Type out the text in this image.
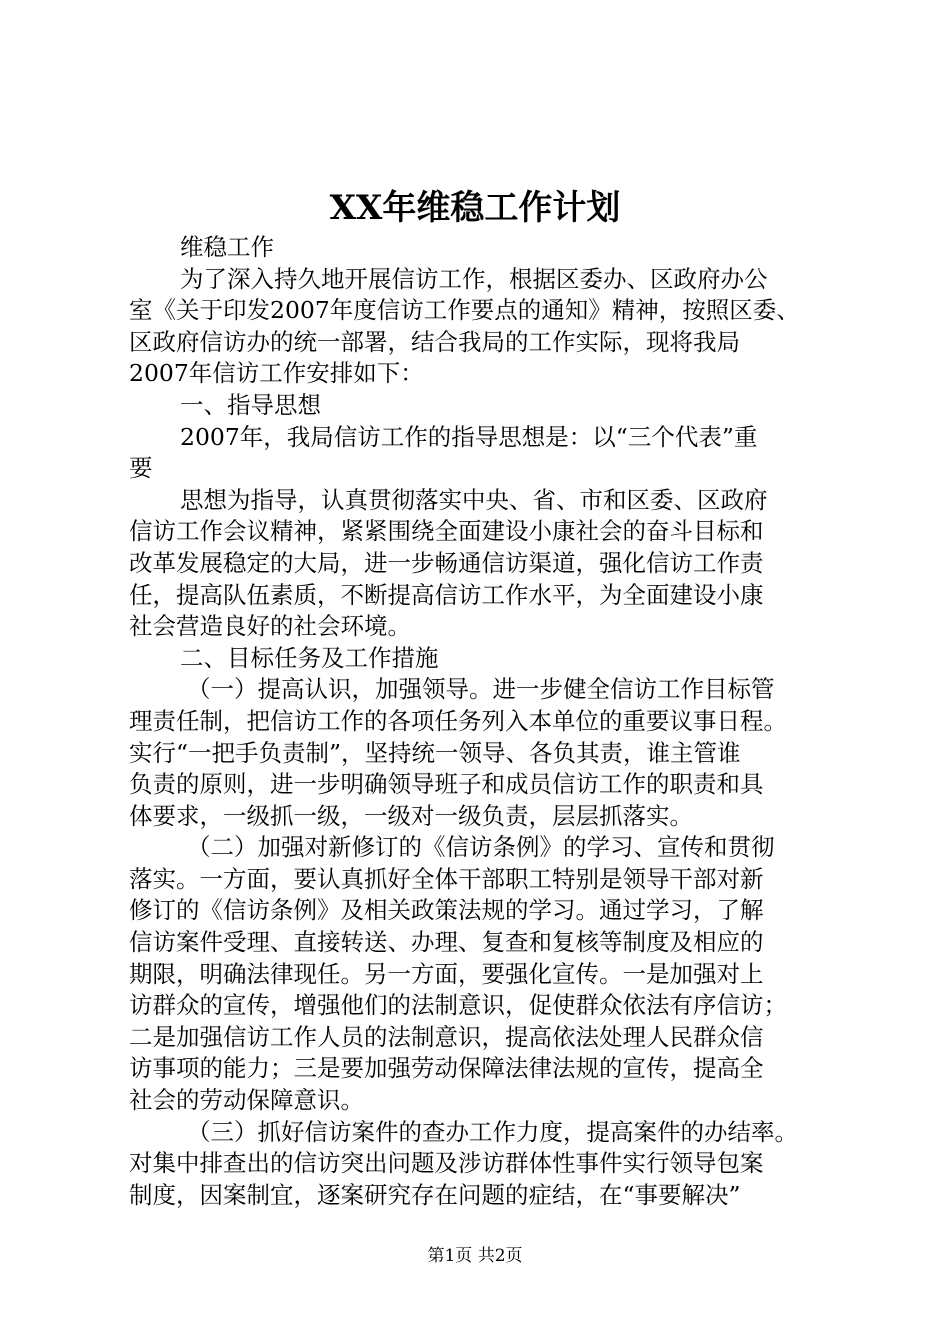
XX年维稳工作计划
维稳工作
为了深入持久地开展信访工作，根据区委办、区政府办公
室《关于印发2007年度信访工作要点的通知》精神，按照区委、
区政府信访办的统一部署，结合我局的工作实际，现将我局
2007年信访工作安排如下：
一、指导思想
2007年，我局信访工作的指导思想是：以“三个代表”重
要
思想为指导，认真贯彻落实中央、省、市和区委、区政府
信访工作会议精神，紧紧围绕全面建设小康社会的奋斗目标和
改革发展稳定的大局，进一步畅通信访渠道，强化信访工作责
任，提高队伍素质，不断提高信访工作水平，为全面建设小康
社会营造良好的社会环境。
二、目标任务及工作措施
（一）提高认识，加强领导。进一步健全信访工作目标管
理责任制，把信访工作的各项任务列入本单位的重要议事日程。
实行“一把手负责制”，坚持统一领导、各负其责，谁主管谁
负责的原则，进一步明确领导班子和成员信访工作的职责和具
体要求，一级抓一级，一级对一级负责，层层抓落实。
（二）加强对新修订的《信访条例》的学习、宣传和贯彻
落实。一方面，要认真抓好全体干部职工特别是领导干部对新
修订的《信访条例》及相关政策法规的学习。通过学习，了解
信访案件受理、直接转送、办理、复查和复核等制度及相应的
期限，明确法律现任。另一方面，要强化宣传。一是加强对上
访群众的宣传，增强他们的法制意识，促使群众依法有序信访；
二是加强信访工作人员的法制意识，提高依法处理人民群众信
访事项的能力；三是要加强劳动保障法律法规的宣传，提高全
社会的劳动保障意识。
（三）抓好信访案件的查办工作力度，提高案件的办结率。
对集中排查出的信访突出问题及涉访群体性事件实行领导包案
制度，因案制宜，逐案研究存在问题的症结，在“事要解决”
第1页 共2页
